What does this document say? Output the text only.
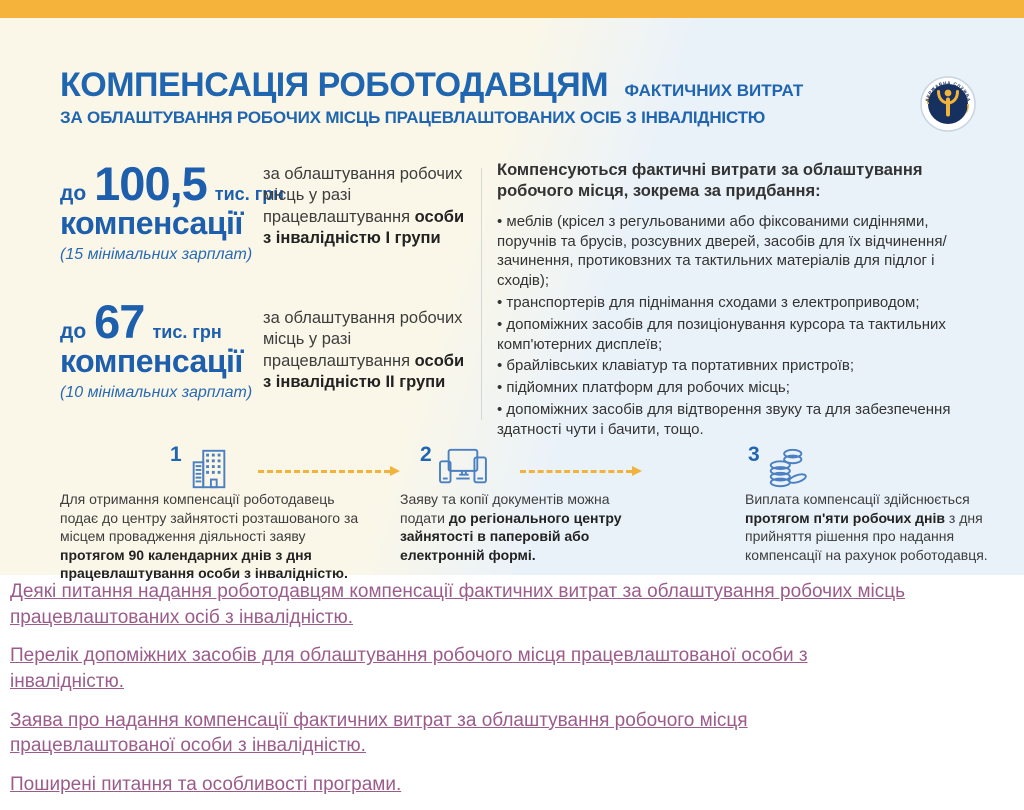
КОМПЕНСАЦІЯ РОБОТОДАВЦЯМ ФАКТИЧНИХ ВИТРАТ
ЗА ОБЛАШТУВАННЯ РОБОЧИХ МІСЦЬ ПРАЦЕВЛАШТОВАНИХ ОСІБ З ІНВАЛІДНІСТЮ
ДЕРЖАВНА СЛУЖБА
ЗАЙНЯТОСТІ
до 100,5 тис. грн
компенсації
(15 мінімальних зарплат)
за облаштування робочих місць у разі працевлаштування особи з інвалідністю І групи
до 67 тис. грн
компенсації
(10 мінімальних зарплат)
за облаштування робочих місць у разі працевлаштування особи з інвалідністю ІІ групи
Компенсуються фактичні витрати за облаштування робочого місця, зокрема за придбання:
• меблів (крісел з регульованими або фіксованими сидіннями, поручнів та брусів, розсувних дверей, засобів для їх відчинення/зачинення, протиковзних та тактильних матеріалів для підлог і сходів);
• транспортерів для піднімання сходами з електроприводом;
• допоміжних засобів для позиціонування курсора та тактильних комп'ютерних дисплеїв;
• брайлівських клавіатур та портативних пристроїв;
• підйомних платформ для робочих місць;
• допоміжних засобів для відтворення звуку та для забезпечення здатності чути і бачити, тощо.
1
Для отримання компенсації роботодавець подає до центру зайнятості розташованого за місцем провадження діяльності заяву протягом 90 календарних днів з дня працевлаштування особи з інвалідністю.
2
Заяву та копії документів можна подати до регіонального центру зайнятості в паперовій або електронній формі.
3
Виплата компенсації здійснюється протягом п'яти робочих днів з дня прийняття рішення про надання компенсації на рахунок роботодавця.
Деякі питання надання роботодавцям компенсації фактичних витрат за облаштування робочих місць працевлаштованих осіб з інвалідністю.
Перелік допоміжних засобів для облаштування робочого місця працевлаштованої особи з інвалідністю.
Заява про надання компенсації фактичних витрат за облаштування робочого місця працевлаштованої особи з інвалідністю.
Поширені питання та особливості програми.
